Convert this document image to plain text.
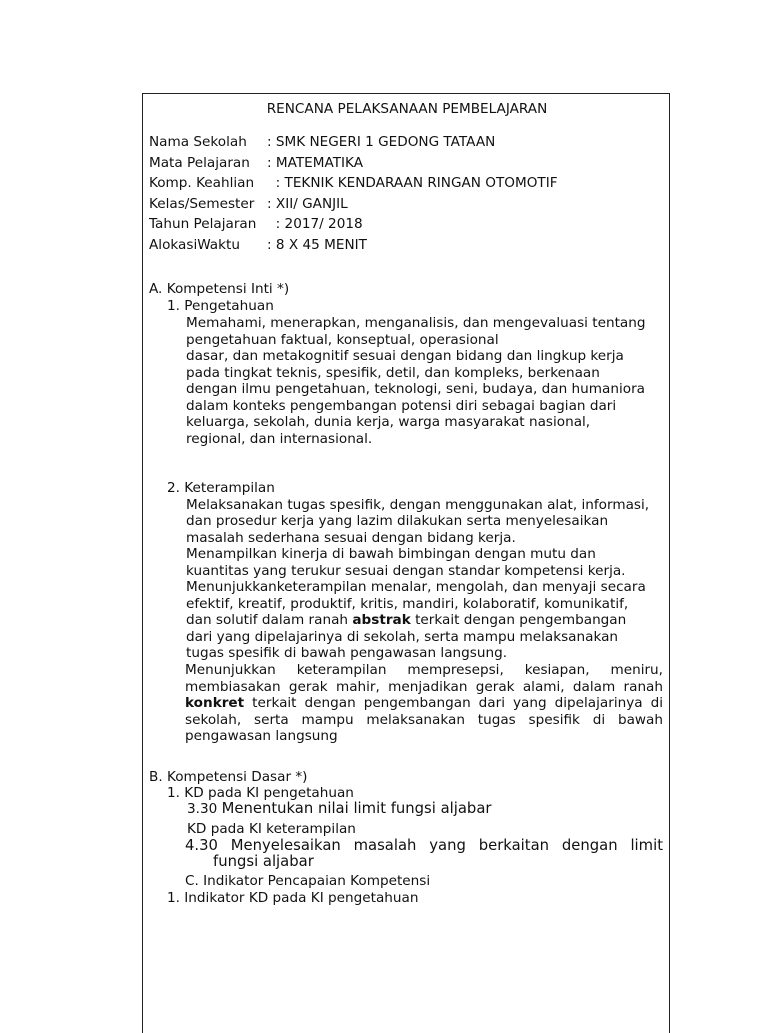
RENCANA PELAKSANAAN PEMBELAJARAN
Nama Sekolah : SMK NEGERI 1 GEDONG TATAAN
Mata Pelajaran : MATEMATIKA
Komp. Keahlian : TEKNIK KENDARAAN RINGAN OTOMOTIF
Kelas/Semester : XII/ GANJIL
Tahun Pelajaran : 2017/ 2018
AlokasiWaktu : 8 X 45 MENIT
A. Kompetensi Inti *)
1. Pengetahuan
Memahami, menerapkan, menganalisis, dan mengevaluasi tentang
pengetahuan faktual, konseptual, operasional
dasar, dan metakognitif sesuai dengan bidang dan lingkup kerja
pada tingkat teknis, spesifik, detil, dan kompleks, berkenaan
dengan ilmu pengetahuan, teknologi, seni, budaya, dan humaniora
dalam konteks pengembangan potensi diri sebagai bagian dari
keluarga, sekolah, dunia kerja, warga masyarakat nasional,
regional, dan internasional.
2. Keterampilan
Melaksanakan tugas spesifik, dengan menggunakan alat, informasi,
dan prosedur kerja yang lazim dilakukan serta menyelesaikan
masalah sederhana sesuai dengan bidang kerja.
Menampilkan kinerja di bawah bimbingan dengan mutu dan
kuantitas yang terukur sesuai dengan standar kompetensi kerja.
Menunjukkanketerampilan menalar, mengolah, dan menyaji secara
efektif, kreatif, produktif, kritis, mandiri, kolaboratif, komunikatif,
dan solutif dalam ranah abstrak terkait dengan pengembangan
dari yang dipelajarinya di sekolah, serta mampu melaksanakan
tugas spesifik di bawah pengawasan langsung.
Menunjukkan keterampilan mempresepsi, kesiapan, meniru,
membiasakan gerak mahir, menjadikan gerak alami, dalam ranah
konkret terkait dengan pengembangan dari yang dipelajarinya di
sekolah, serta mampu melaksanakan tugas spesifik di bawah
pengawasan langsung
B. Kompetensi Dasar *)
1. KD pada KI pengetahuan
3.30 Menentukan nilai limit fungsi aljabar
KD pada KI keterampilan
4.30 Menyelesaikan masalah yang berkaitan dengan limit
fungsi aljabar
C. Indikator Pencapaian Kompetensi
1. Indikator KD pada KI pengetahuan
